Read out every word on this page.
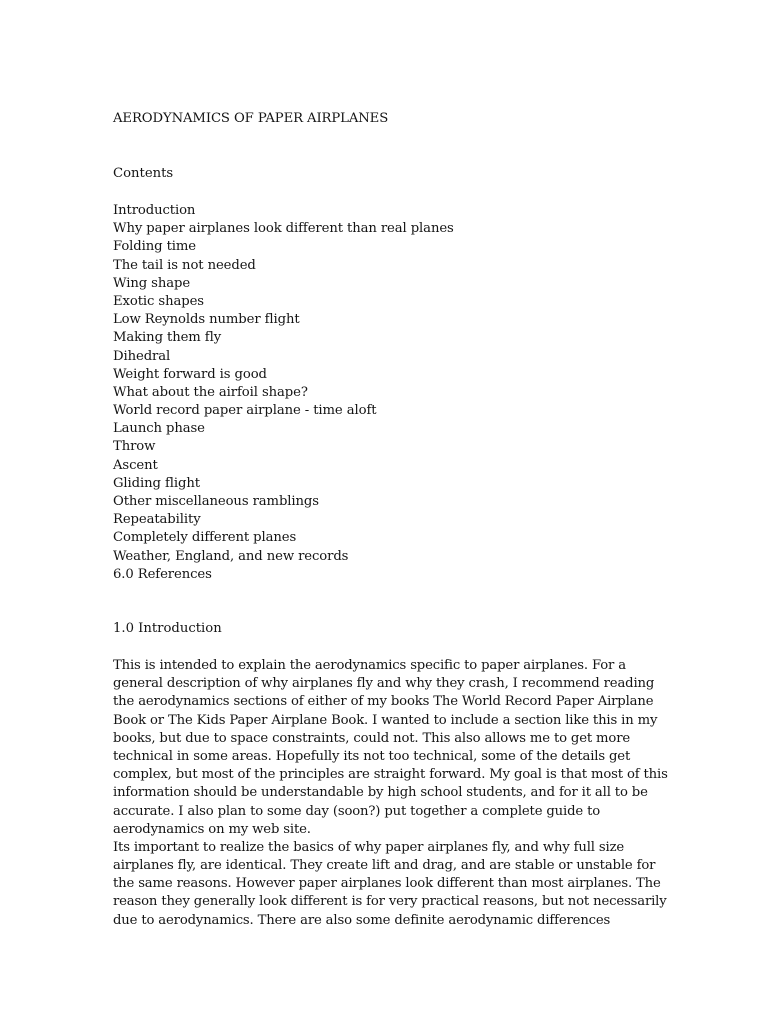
AERODYNAMICS OF PAPER AIRPLANES
Contents
Introduction
Why paper airplanes look different than real planes
Folding time
The tail is not needed
Wing shape
Exotic shapes
Low Reynolds number flight
Making them fly
Dihedral
Weight forward is good
What about the airfoil shape?
World record paper airplane - time aloft
Launch phase
Throw
Ascent
Gliding flight
Other miscellaneous ramblings
Repeatability
Completely different planes
Weather, England, and new records
6.0 References
1.0 Introduction
This is intended to explain the aerodynamics specific to paper airplanes. For a
general description of why airplanes fly and why they crash, I recommend reading
the aerodynamics sections of either of my books The World Record Paper Airplane
Book or The Kids Paper Airplane Book. I wanted to include a section like this in my
books, but due to space constraints, could not. This also allows me to get more
technical in some areas. Hopefully its not too technical, some of the details get
complex, but most of the principles are straight forward. My goal is that most of this
information should be understandable by high school students, and for it all to be
accurate. I also plan to some day (soon?) put together a complete guide to
aerodynamics on my web site.
Its important to realize the basics of why paper airplanes fly, and why full size
airplanes fly, are identical. They create lift and drag, and are stable or unstable for
the same reasons. However paper airplanes look different than most airplanes. The
reason they generally look different is for very practical reasons, but not necessarily
due to aerodynamics. There are also some definite aerodynamic differences
